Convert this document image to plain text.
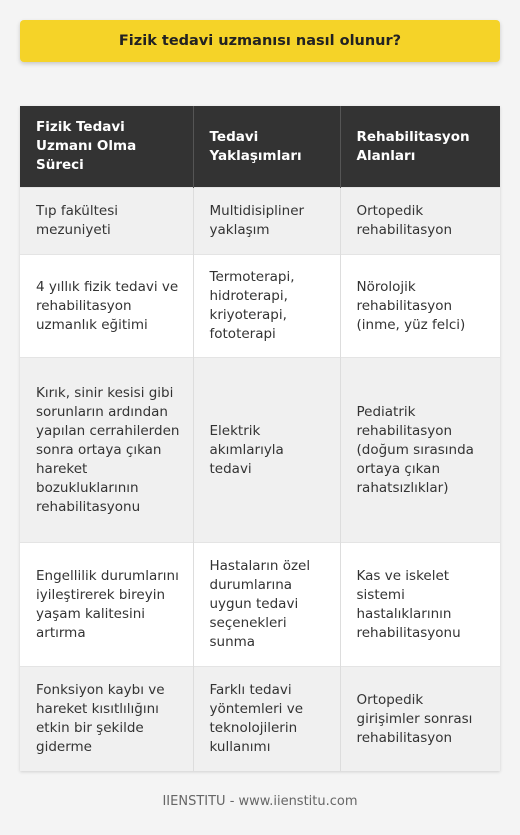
Fizik tedavi uzmanısı nasıl olunur?
Fizik Tedavi Uzmanı Olma Süreci	Tedavi Yaklaşımları	Rehabilitasyon Alanları
Tıp fakültesi mezuniyeti	Multidisipliner yaklaşım	Ortopedik rehabilitasyon
4 yıllık fizik tedavi ve rehabilitasyon uzmanlık eğitimi	Termoterapi, hidroterapi, kriyoterapi, fototerapi	Nörolojik rehabilitasyon (inme, yüz felci)
Kırık, sinir kesisi gibi sorunların ardından yapılan cerrahilerden sonra ortaya çıkan hareket bozukluklarının rehabilitasyonu	Elektrik akımlarıyla tedavi	Pediatrik rehabilitasyon (doğum sırasında ortaya çıkan rahatsızlıklar)
Engellilik durumlarını iyileştirerek bireyin yaşam kalitesini artırma	Hastaların özel durumlarına uygun tedavi seçenekleri sunma	Kas ve iskelet sistemi hastalıklarının rehabilitasyonu
Fonksiyon kaybı ve hareket kısıtlılığını etkin bir şekilde giderme	Farklı tedavi yöntemleri ve teknolojilerin kullanımı	Ortopedik girişimler sonrası rehabilitasyon
IIENSTITU - www.iienstitu.com
